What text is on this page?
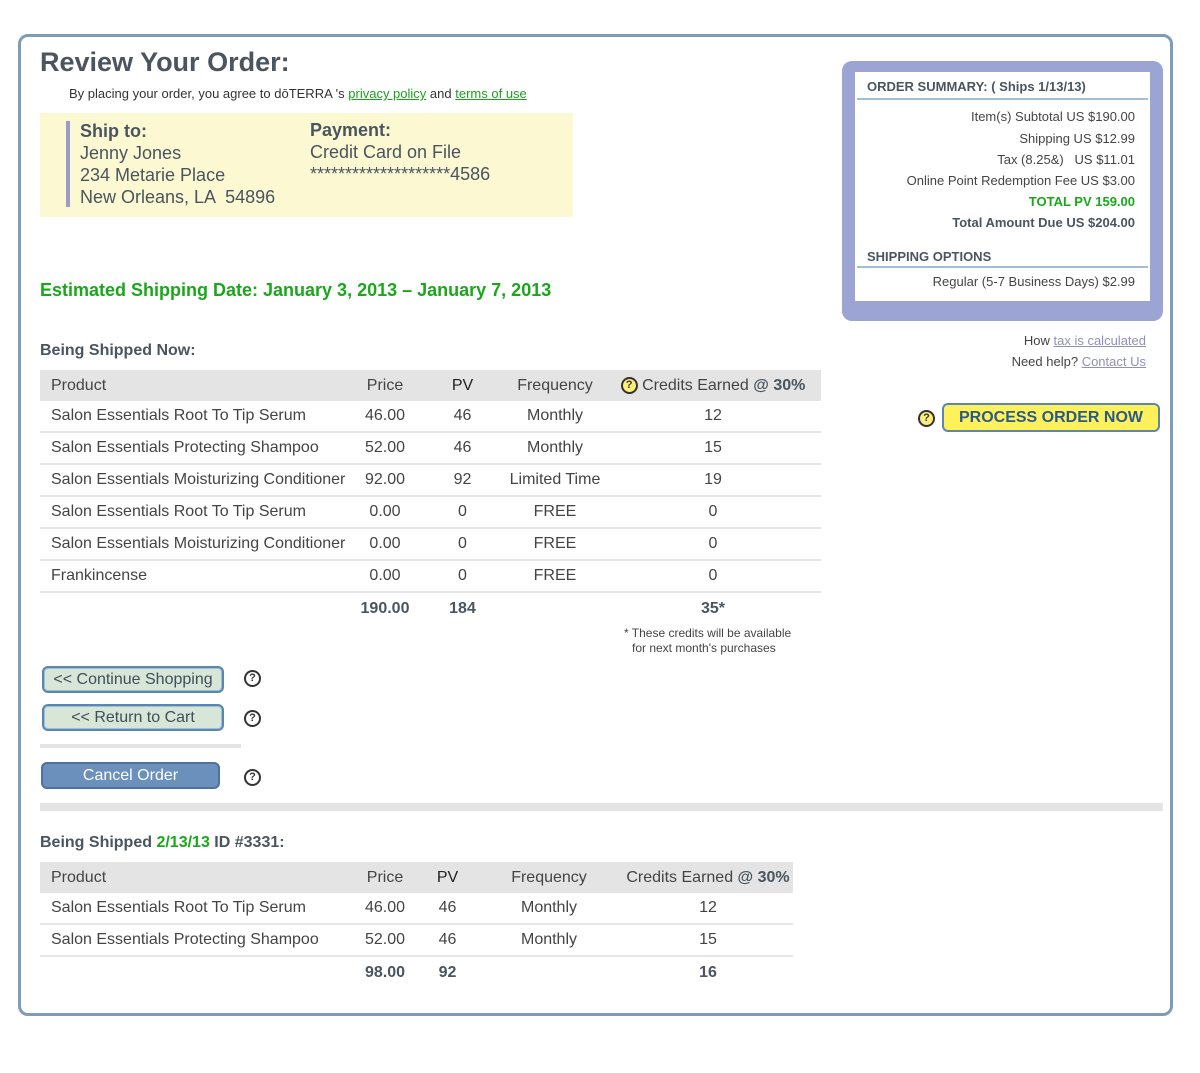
Review Your Order:
By placing your order, you agree to dōTERRA 's privacy policy and terms of use
Ship to:
Jenny Jones
234 Metarie Place
New Orleans, LA  54896
Payment:
Credit Card on File
********************4586
Estimated Shipping Date: January 3, 2013 – January 7, 2013
Being Shipped Now:
Product	Price	PV	Frequency	? Credits Earned @ 30%
Salon Essentials Root To Tip Serum	46.00	46	Monthly	12
Salon Essentials Protecting Shampoo	52.00	46	Monthly	15
Salon Essentials Moisturizing Conditioner	92.00	92	Limited Time	19
Salon Essentials Root To Tip Serum	0.00	0	FREE	0
Salon Essentials Moisturizing Conditioner	0.00	0	FREE	0
Frankincense	0.00	0	FREE	0
	190.00	184		35*
* These credits will be available
for next month's purchases
<< Continue Shopping	?
<< Return to Cart	?
Cancel Order	?
Being Shipped 2/13/13 ID #3331:
Product	Price	PV	Frequency	Credits Earned @ 30%
Salon Essentials Root To Tip Serum	46.00	46	Monthly	12
Salon Essentials Protecting Shampoo	52.00	46	Monthly	15
	98.00	92		16
ORDER SUMMARY: ( Ships 1/13/13)
Item(s) Subtotal US $190.00
Shipping US $12.99
Tax (8.25&)   US $11.01
Online Point Redemption Fee US $3.00
TOTAL PV 159.00
Total Amount Due US $204.00
SHIPPING OPTIONS
Regular (5-7 Business Days) $2.99
How tax is calculated
Need help? Contact Us
?	PROCESS ORDER NOW
